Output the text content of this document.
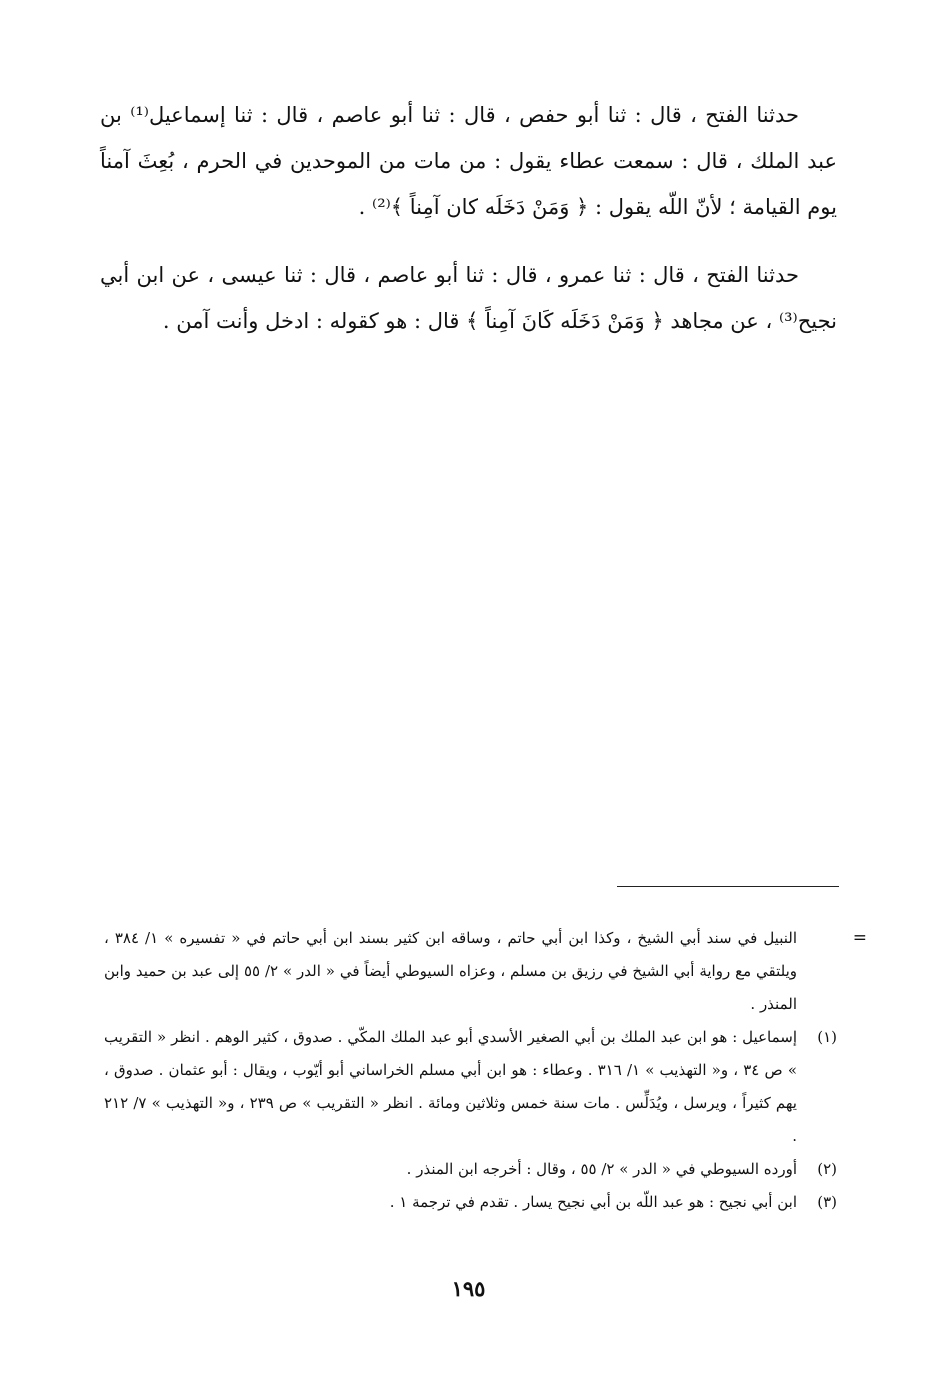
حدثنا الفتح ، قال : ثنا أبو حفص ، قال : ثنا أبو عاصم ، قال : ثنا إسماعيل⁽¹⁾ بن عبد الملك ، قال : سمعت عطاء يقول : من مات من الموحدين في الحرم ، بُعِثَ آمناً يوم القيامة ؛ لأنّ اللّه يقول : ﴿ وَمَنْ دَخَلَه كان آمِناً ﴾⁽²⁾ .

حدثنا الفتح ، قال : ثنا عمرو ، قال : ثنا أبو عاصم ، قال : ثنا عيسى ، عن ابن أبي نجيح⁽³⁾ ، عن مجاهد ﴿ وَمَنْ دَخَلَه كَانَ آمِناً ﴾ قال : هو كقوله : ادخل وأنت آمن .

=
النبيل في سند أبي الشيخ ، وكذا ابن أبي حاتم ، وساقه ابن كثير بسند ابن أبي حاتم في « تفسيره » ١/ ٣٨٤ ، ويلتقي مع رواية أبي الشيخ في رزيق بن مسلم ، وعزاه السيوطي أيضاً في « الدر » ٢/ ٥٥ إلى عبد بن حميد وابن المنذر .
(١)
إسماعيل : هو ابن عبد الملك بن أبي الصغير الأسدي أبو عبد الملك المكّي . صدوق ، كثير الوهم . انظر « التقريب » ص ٣٤ ، و« التهذيب » ١/ ٣١٦ . وعطاء : هو ابن أبي مسلم الخراساني أبو أيّوب ، ويقال : أبو عثمان . صدوق ، يهم كثيراً ، ويرسل ، ويُدَلِّس . مات سنة خمس وثلاثين ومائة . انظر « التقريب » ص ٢٣٩ ، و« التهذيب » ٧/ ٢١٢ .
(٢)
أورده السيوطي في « الدر » ٢/ ٥٥ ، وقال : أخرجه ابن المنذر .
(٣)
ابن أبي نجيح : هو عبد اللّه بن أبي نجيح يسار . تقدم في ترجمة ١ .
١٩٥
